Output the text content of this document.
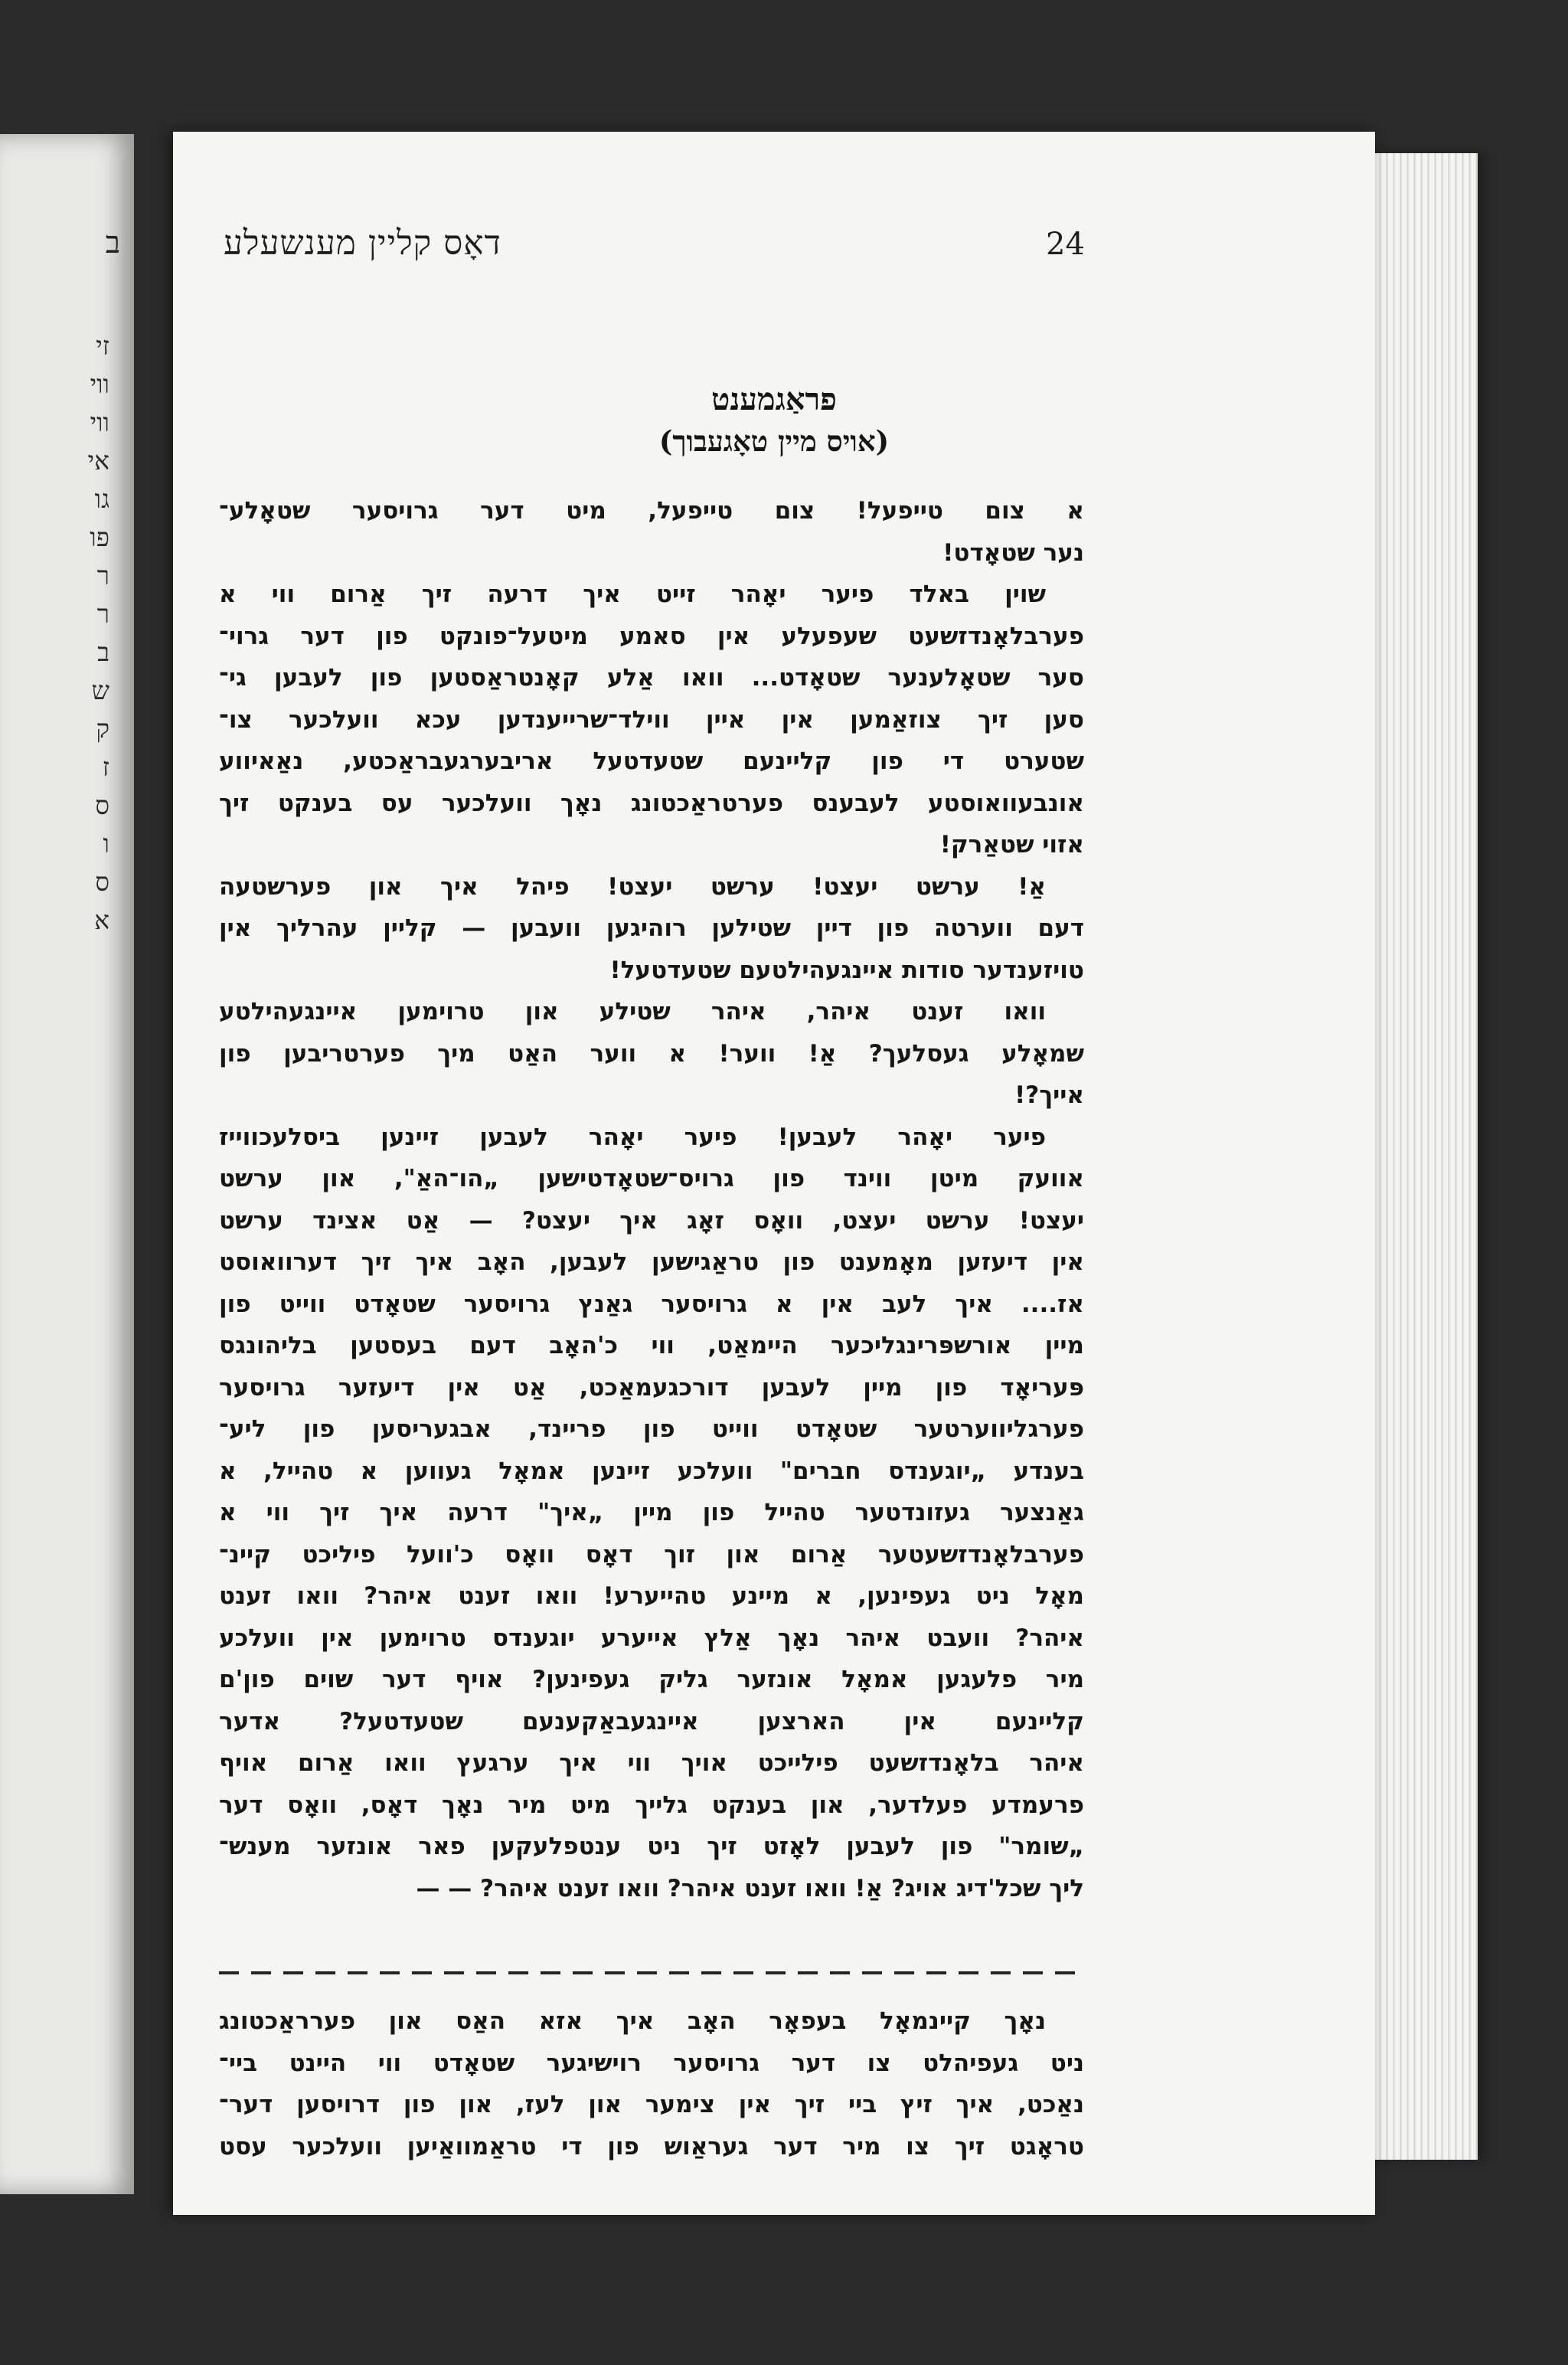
ב
זי
ווי
ווי
אי
גו
פו
ר
ר
ב
ש
ק
ז
ס
ו
ס
א
דאָס קליין מענשעלע	24
פראַגמענט
(אויס מיין טאָגעבוך)
א צום טייפעל! צום טייפעל, מיט דער גרויסער שטאָלע־
נער שטאָדט!
שוין באלד פיער יאָהר זייט איך דרעה זיך אַרום ווי א
פערבלאָנדזשעט שעפעלע אין סאמע מיטעל־פונקט פון דער גרוי־
סער שטאָלענער שטאָדט... וואו אַלע קאָנטראַסטען פון לעבען גי־
סען זיך צוזאַמען אין איין ווילד־שרייענדען עכא וועלכער צו־
שטערט די פון קליינעם שטעדטעל אריבערגעבראַכטע, נאַאיווע
אונבעוואוסטע לעבענס פערטראַכטונג נאָך וועלכער עס בענקט זיך
אזוי שטאַרק!
אַ! ערשט יעצט! ערשט יעצט! פיהל איך און פערשטעה
דעם ווערטה פון דיין שטילען רוהיגען וועבען — קליין עהרליך אין
טויזענדער סודות איינגעהילטעם שטעדטעל!
וואו זענט איהר, איהר שטילע און טרוימען איינגעהילטע
שמאָלע געסלעך? אַ! ווער! א ווער האַט מיך פערטריבען פון
אייך?!
פיער יאָהר לעבען! פיער יאָהר לעבען זיינען ביסלעכווייז
אוועק מיטן ווינד פון גרויס־שטאָדטישען „הו־האַ", און ערשט
יעצט! ערשט יעצט, וואָס זאָג איך יעצט? — אַט אצינד ערשט
אין דיעזען מאָמענט פון טראַגישען לעבען, האָב איך זיך דערוואוסט
אז.... איך לעב אין א גרויסער גאַנץ גרויסער שטאָדט ווייט פון
מיין אורשפּרינגליכער היימאַט, ווי כ'האָב דעם בעסטען בליהונגס
פּעריאָד פון מיין לעבען דורכגעמאַכט, אַט אין דיעזער גרויסער
פערגליווערטער שטאָדט ווייט פון פריינד, אבגעריסען פון ליע־
בענדע „יוגענדס חברים" וועלכע זיינען אמאָל געווען א טהייל, א
גאַנצער געזונדטער טהייל פון מיין „איך" דרעה איך זיך ווי א
פערבלאָנדזשעטער אַרום און זוך דאָס וואָס כ'וועל פיליכט קיינ־
מאָל ניט געפינען, א מיינע טהייערע! וואו זענט איהר? וואו זענט
איהר? וועבט איהר נאָך אַלץ אייערע יוגענדס טרוימען אין וועלכע
מיר פלעגען אמאָל אונזער גליק געפינען? אויף דער שוים פון'ם
קליינעם אין הארצען איינגעבאַקענעם שטעדטעל? אדער
איהר בלאָנדזשעט פילייכט אויך ווי איך ערגעץ וואו אַרום אויף
פרעמדע פעלדער, און בענקט גלייך מיט מיר נאָך דאָס, וואָס דער
„שומר" פון לעבען לאָזט זיך ניט ענטפלעקען פאר אונזער מענש־
ליך שכל'דיג אויג? אַ! וואו זענט איהר? וואו זענט איהר? — —
נאָך קיינמאָל בעפאָר האָב איך אזא האַס און פערראַכטונג
ניט געפיהלט צו דער גרויסער רוישיגער שטאָדט ווי היינט ביי־
נאַכט, איך זיץ ביי זיך אין צימער און לעז, און פון דרויסען דער־
טראָגט זיך צו מיר דער געראַוש פון די טראַמוואַיען וועלכער עסט
